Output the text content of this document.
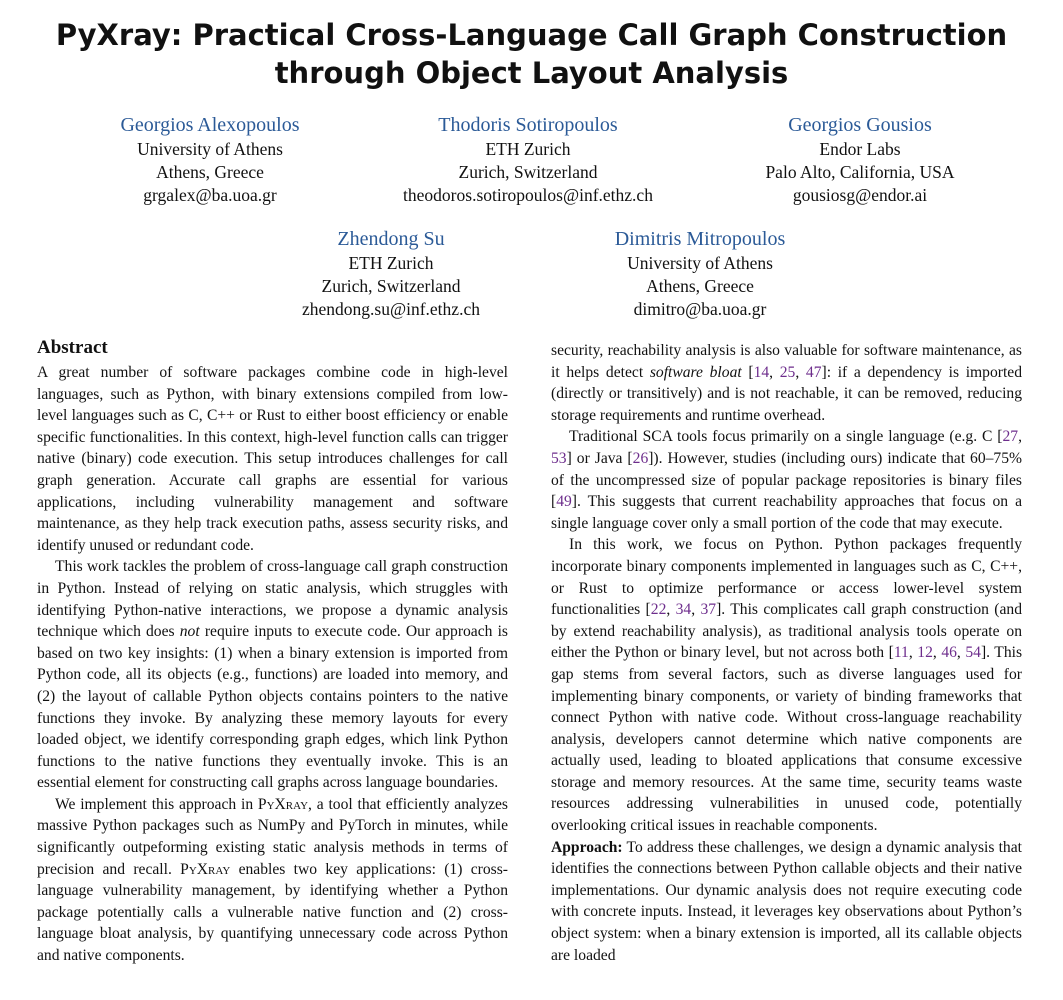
PyXray: Practical Cross-Language Call Graph Construction
through Object Layout Analysis
Georgios Alexopoulos
University of Athens
Athens, Greece
grgalex@ba.uoa.gr
Thodoris Sotiropoulos
ETH Zurich
Zurich, Switzerland
theodoros.sotiropoulos@inf.ethz.ch
Georgios Gousios
Endor Labs
Palo Alto, California, USA
gousiosg@endor.ai
Zhendong Su
ETH Zurich
Zurich, Switzerland
zhendong.su@inf.ethz.ch
Dimitris Mitropoulos
University of Athens
Athens, Greece
dimitro@ba.uoa.gr
Abstract

A great number of software packages combine code in high-level languages, such as Python, with binary extensions compiled from low-level languages such as C, C++ or Rust to either boost efficiency or enable specific functionalities. In this context, high-level function calls can trigger native (binary) code execution. This setup introduces challenges for call graph generation. Accurate call graphs are essential for various applications, including vulnerability management and software maintenance, as they help track execution paths, assess security risks, and identify unused or redundant code.

This work tackles the problem of cross-language call graph construction in Python. Instead of relying on static analysis, which struggles with identifying Python-native interactions, we propose a dynamic analysis technique which does not require inputs to execute code. Our approach is based on two key insights: (1) when a binary extension is imported from Python code, all its objects (e.g., functions) are loaded into memory, and (2) the layout of callable Python objects contains pointers to the native functions they invoke. By analyzing these memory layouts for every loaded object, we identify corresponding graph edges, which link Python functions to the native functions they eventually invoke. This is an essential element for constructing call graphs across language boundaries.

We implement this approach in PyXray, a tool that efficiently analyzes massive Python packages such as NumPy and PyTorch in minutes, while significantly outpeforming existing static analysis methods in terms of precision and recall. PyXray enables two key applications: (1) cross-language vulnerability management, by identifying whether a Python package potentially calls a vulnerable native function and (2) cross-language bloat analysis, by quantifying unnecessary code across Python and native components.

security, reachability analysis is also valuable for software maintenance, as it helps detect software bloat [14, 25, 47]: if a dependency is imported (directly or transitively) and is not reachable, it can be removed, reducing storage requirements and runtime overhead.

Traditional SCA tools focus primarily on a single language (e.g. C [27, 53] or Java [26]). However, studies (including ours) indicate that 60–75% of the uncompressed size of popular package repositories is binary files [49]. This suggests that current reachability approaches that focus on a single language cover only a small portion of the code that may execute.

In this work, we focus on Python. Python packages frequently incorporate binary components implemented in languages such as C, C++, or Rust to optimize performance or access lower-level system functionalities [22, 34, 37]. This complicates call graph construction (and by extend reachability analysis), as traditional analysis tools operate on either the Python or binary level, but not across both [11, 12, 46, 54]. This gap stems from several factors, such as diverse languages used for implementing binary components, or variety of binding frameworks that connect Python with native code. Without cross-language reachability analysis, developers cannot determine which native components are actually used, leading to bloated applications that consume excessive storage and memory resources. At the same time, security teams waste resources addressing vulnerabilities in unused code, potentially overlooking critical issues in reachable components.

Approach: To address these challenges, we design a dynamic analysis that identifies the connections between Python callable objects and their native implementations. Our dynamic analysis does not require executing code with concrete inputs. Instead, it leverages key observations about Python’s object system: when a binary extension is imported, all its callable objects are loaded
